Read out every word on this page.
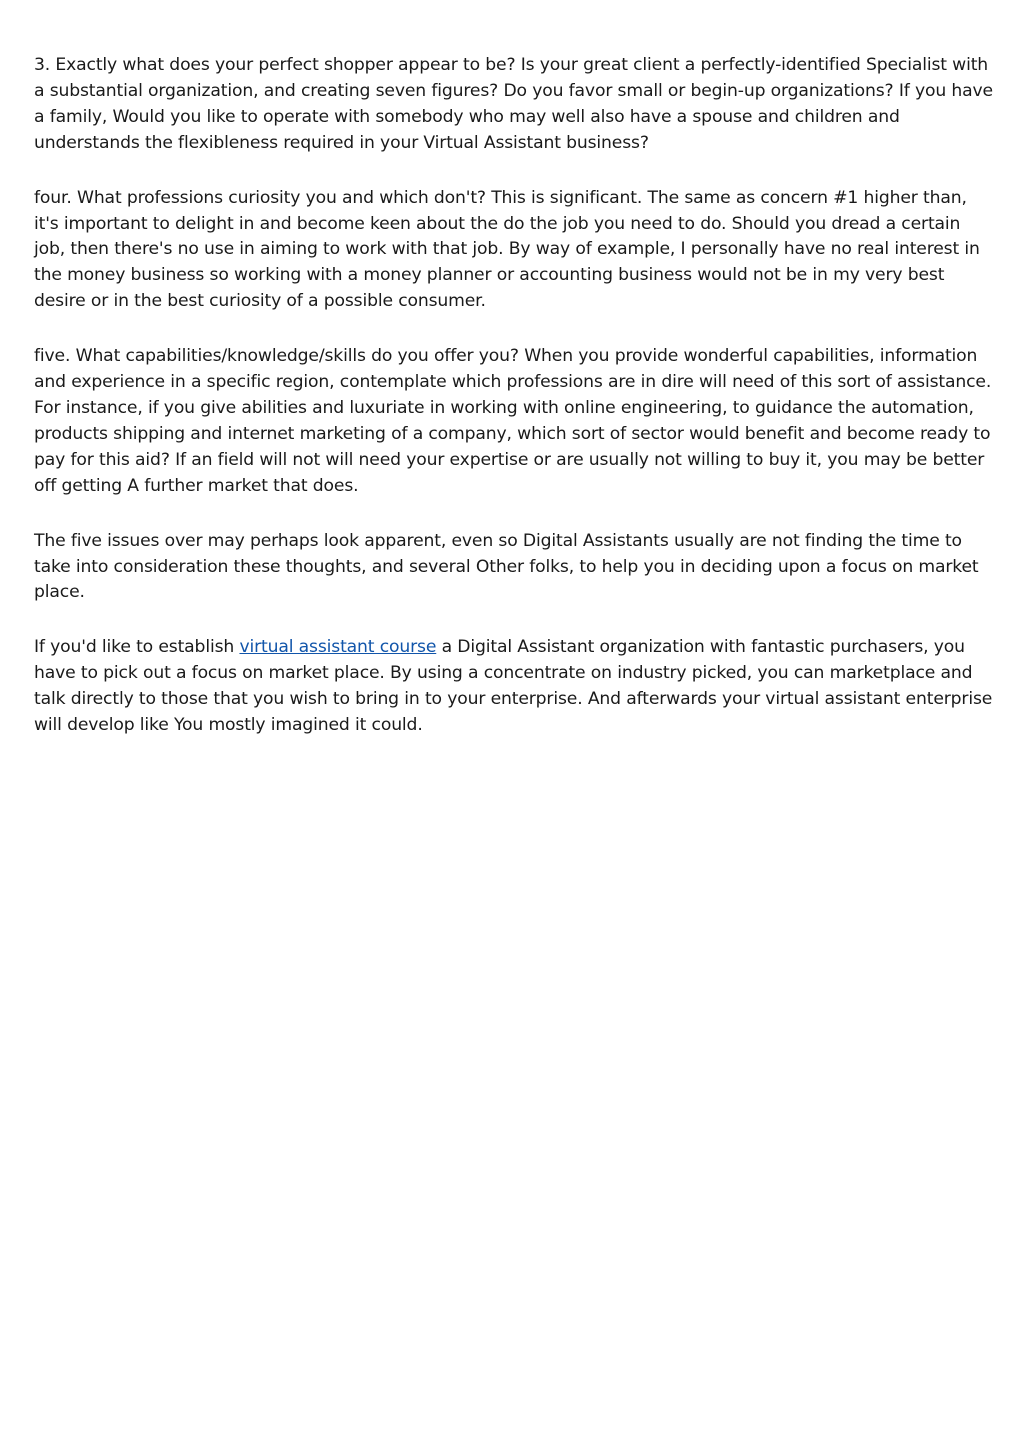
3. Exactly what does your perfect shopper appear to be? Is your great client a perfectly-identified Specialist with a substantial organization, and creating seven figures? Do you favor small or begin-up organizations? If you have a family, Would you like to operate with somebody who may well also have a spouse and children and understands the flexibleness required in your Virtual Assistant business?

four. What professions curiosity you and which don't? This is significant. The same as concern #1 higher than, it's important to delight in and become keen about the do the job you need to do. Should you dread a certain job, then there's no use in aiming to work with that job. By way of example, I personally have no real interest in the money business so working with a money planner or accounting business would not be in my very best desire or in the best curiosity of a possible consumer.

five. What capabilities/knowledge/skills do you offer you? When you provide wonderful capabilities, information and experience in a specific region, contemplate which professions are in dire will need of this sort of assistance. For instance, if you give abilities and luxuriate in working with online engineering, to guidance the automation, products shipping and internet marketing of a company, which sort of sector would benefit and become ready to pay for this aid? If an field will not will need your expertise or are usually not willing to buy it, you may be better off getting A further market that does.

The five issues over may perhaps look apparent, even so Digital Assistants usually are not finding the time to take into consideration these thoughts, and several Other folks, to help you in deciding upon a focus on market place.

If you'd like to establish virtual assistant course a Digital Assistant organization with fantastic purchasers, you have to pick out a focus on market place. By using a concentrate on industry picked, you can marketplace and talk directly to those that you wish to bring in to your enterprise. And afterwards your virtual assistant enterprise will develop like You mostly imagined it could.
